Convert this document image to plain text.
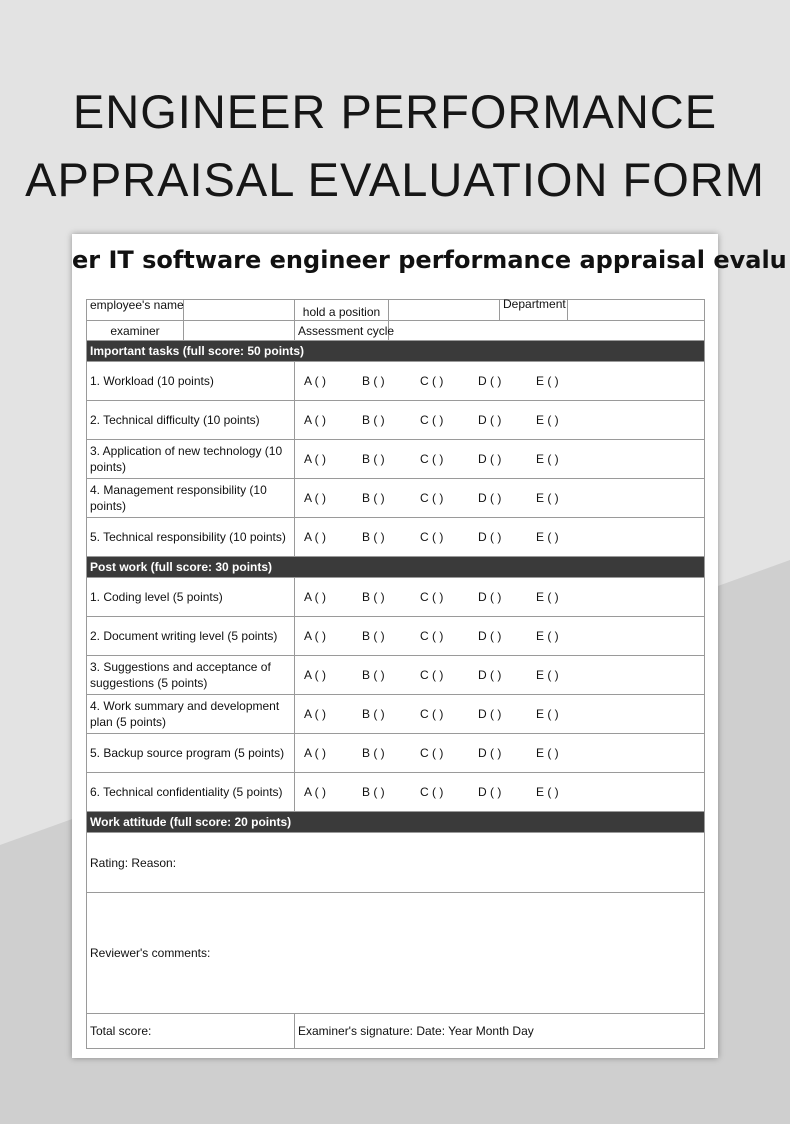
ENGINEER PERFORMANCE
APPRAISAL EVALUATION FORM
er IT software engineer performance appraisal evalu
employee's name		hold a position		Department	
examiner		Assessment cycle			
Important tasks (full score: 50 points)					
1. Workload (10 points)		A ( ) B ( ) C ( ) D ( ) E ( )			

2. Technical difficulty (10 points)		A ( ) B ( ) C ( ) D ( ) E ( )			

3. Application of new technology (10 points)		A ( ) B ( ) C ( ) D ( ) E ( )			

4. Management responsibility (10 points)		A ( ) B ( ) C ( ) D ( ) E ( )			

5. Technical responsibility (10 points)		A ( ) B ( ) C ( ) D ( ) E ( )			

Post work (full score: 30 points)					
1. Coding level (5 points)		A ( ) B ( ) C ( ) D ( ) E ( )			

2. Document writing level (5 points)		A ( ) B ( ) C ( ) D ( ) E ( )			

3. Suggestions and acceptance of suggestions (5 points)		A ( ) B ( ) C ( ) D ( ) E ( )			

4. Work summary and development plan (5 points)		A ( ) B ( ) C ( ) D ( ) E ( )			

5. Backup source program (5 points)		A ( ) B ( ) C ( ) D ( ) E ( )			

6. Technical confidentiality (5 points)		A ( ) B ( ) C ( ) D ( ) E ( )			

Work attitude (full score: 20 points)					
Rating: Reason:					
Reviewer's comments:					
Total score:		Examiner's signature: Date: Year Month Day			
